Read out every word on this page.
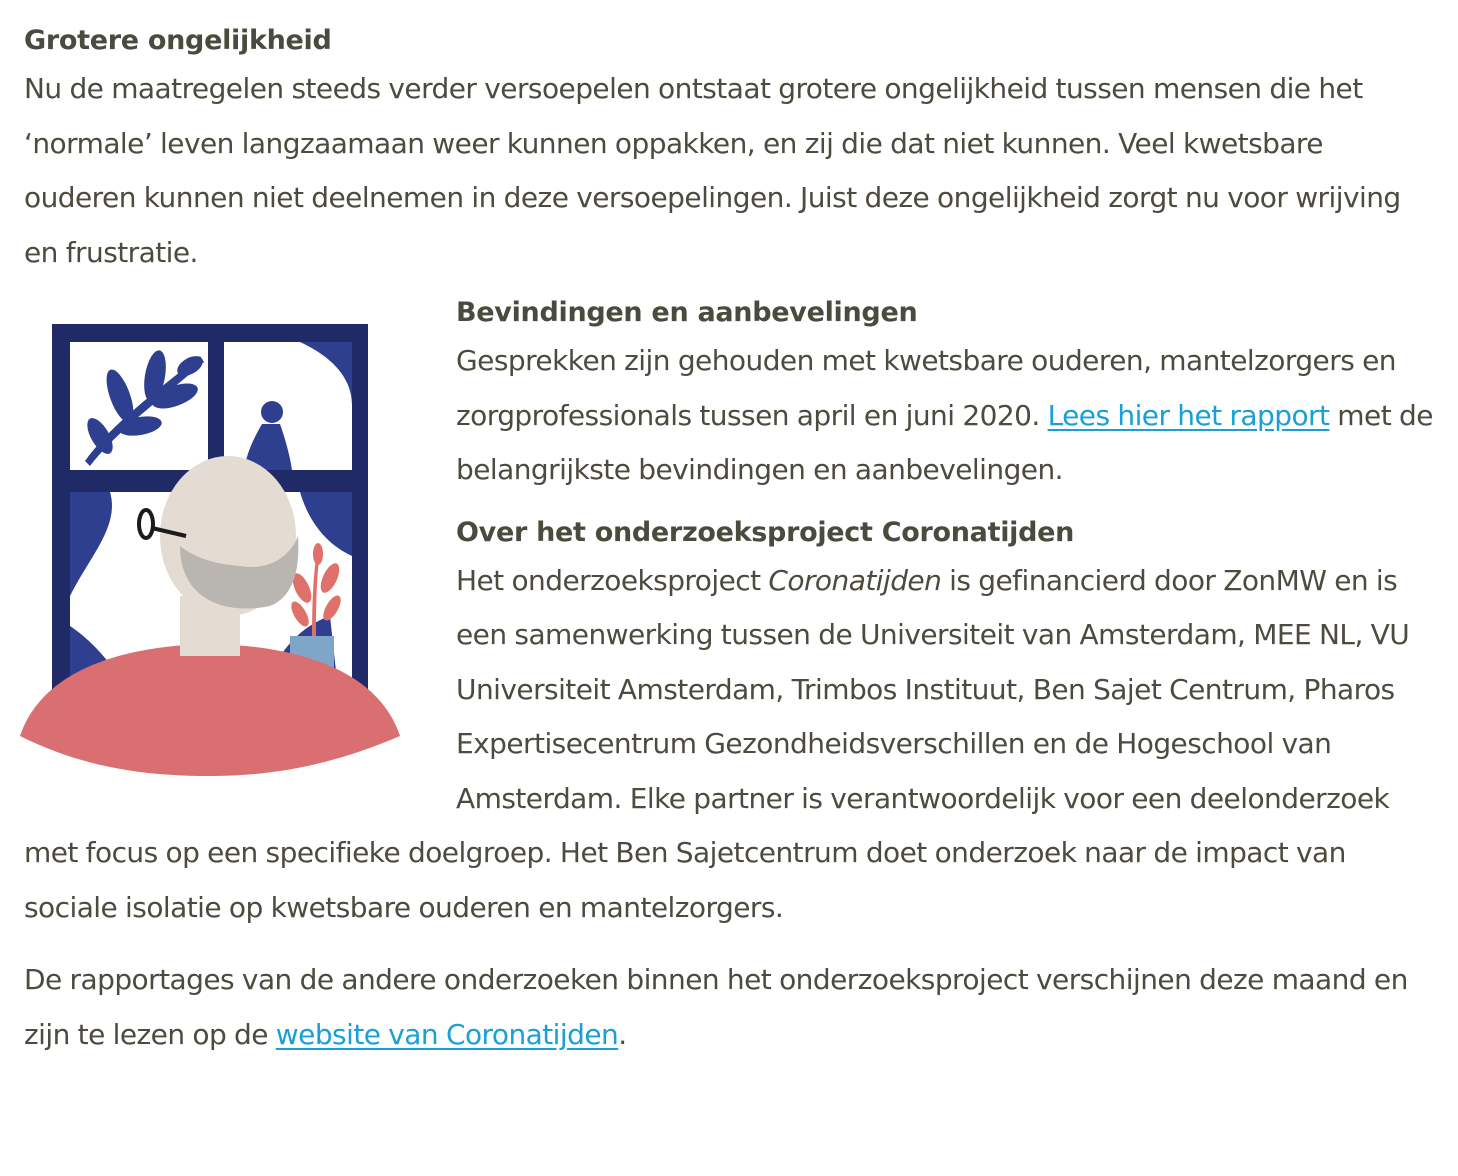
Grotere ongelijkheid

Nu de maatregelen steeds verder versoepelen ontstaat grotere ongelijkheid tussen mensen die het ‘normale’ leven langzaamaan weer kunnen oppakken, en zij die dat niet kunnen. Veel kwetsbare ouderen kunnen niet deelnemen in deze versoepelingen. Juist deze ongelijkheid zorgt nu voor wrijving en frustratie.

Bevindingen en aanbevelingen

Gesprekken zijn gehouden met kwetsbare ouderen, mantelzorgers en zorgprofessionals tussen april en juni 2020. Lees hier het rapport met de belangrijkste bevindingen en aanbevelingen.

Over het onderzoeksproject Coronatijden

Het onderzoeksproject Coronatijden is gefinancierd door ZonMW en is een samenwerking tussen de Universiteit van Amsterdam, MEE NL, VU Universiteit Amsterdam, Trimbos Instituut, Ben Sajet Centrum, Pharos Expertisecentrum Gezondheidsverschillen en de Hogeschool van Amsterdam. Elke partner is verantwoordelijk voor een deelonderzoek met focus op een specifieke doelgroep. Het Ben Sajetcentrum doet onderzoek naar de impact van sociale isolatie op kwetsbare ouderen en mantelzorgers.

De rapportages van de andere onderzoeken binnen het onderzoeksproject verschijnen deze maand en zijn te lezen op de website van Coronatijden.
